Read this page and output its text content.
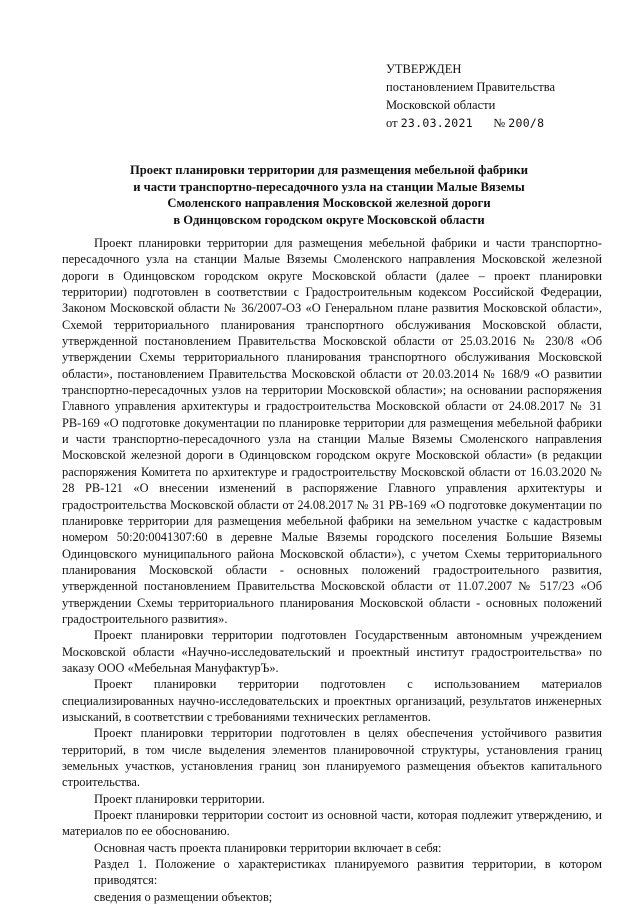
УТВЕРЖДЕН
постановлением Правительства
Московской области
от 23.03.2021 № 200/8
Проект планировки территории для размещения мебельной фабрики
и части транспортно-пересадочного узла на станции Малые Вяземы
Смоленского направления Московской железной дороги
в Одинцовском городском округе Московской области

Проект планировки территории для размещения мебельной фабрики и части транспортно-пересадочного узла на станции Малые Вяземы Смоленского направления Московской железной дороги в Одинцовском городском округе Московской области (далее – проект планировки территории) подготовлен в соответствии с Градостроительным кодексом Российской Федерации, Законом Московской области № 36/2007-ОЗ «О Генеральном плане развития Московской области», Схемой территориального планирования транспортного обслуживания Московской области, утвержденной постановлением Правительства Московской области от 25.03.2016 № 230/8 «Об утверждении Схемы территориального планирования транспортного обслуживания Московской области», постановлением Правительства Московской области от 20.03.2014 № 168/9 «О развитии транспортно-пересадочных узлов на территории Московской области»; на основании распоряжения Главного управления архитектуры и градостроительства Московской области от 24.08.2017 № 31 РВ-169 «О подготовке документации по планировке территории для размещения мебельной фабрики и части транспортно-пересадочного узла на станции Малые Вяземы Смоленского направления Московской железной дороги в Одинцовском городском округе Московской области» (в редакции распоряжения Комитета по архитектуре и градостроительству Московской области от 16.03.2020 № 28 РВ-121 «О внесении изменений в распоряжение Главного управления архитектуры и градостроительства Московской области от 24.08.2017 № 31 РВ-169 «О подготовке документации по планировке территории для размещения мебельной фабрики на земельном участке с кадастровым номером 50:20:0041307:60 в деревне Малые Вяземы городского поселения Большие Вяземы Одинцовского муниципального района Московской области»), с учетом Схемы территориального планирования Московской области - основных положений градостроительного развития, утвержденной постановлением Правительства Московской области от 11.07.2007 № 517/23 «Об утверждении Схемы территориального планирования Московской области - основных положений градостроительного развития».

Проект планировки территории подготовлен Государственным автономным учреждением Московской области «Научно-исследовательский и проектный институт градостроительства» по заказу ООО «Мебельная МануфактурЪ».

Проект планировки территории подготовлен с использованием материалов специализированных научно-исследовательских и проектных организаций, результатов инженерных изысканий, в соответствии с требованиями технических регламентов.

Проект планировки территории подготовлен в целях обеспечения устойчивого развития территорий, в том числе выделения элементов планировочной структуры, установления границ земельных участков, установления границ зон планируемого размещения объектов капитального строительства.

Проект планировки территории.

Проект планировки территории состоит из основной части, которая подлежит утверждению, и материалов по ее обоснованию.

Основная часть проекта планировки территории включает в себя:

Раздел 1. Положение о характеристиках планируемого развития территории, в котором приводятся:

сведения о размещении объектов;
